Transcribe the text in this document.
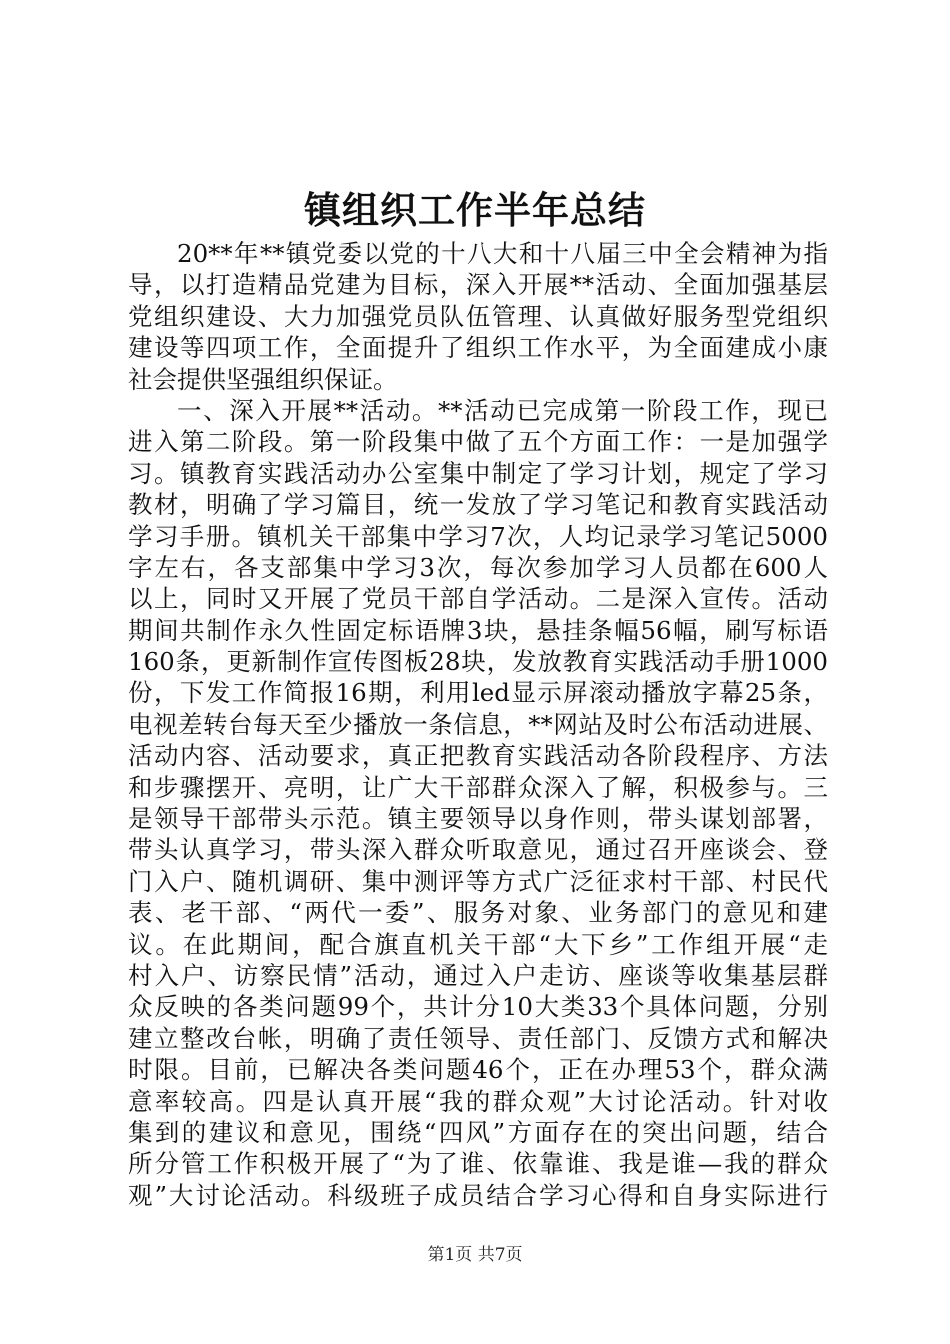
镇组织工作半年总结
20**年**镇党委以党的十八大和十八届三中全会精神为指
导，以打造精品党建为目标，深入开展**活动、全面加强基层
党组织建设、大力加强党员队伍管理、认真做好服务型党组织
建设等四项工作，全面提升了组织工作水平，为全面建成小康
社会提供坚强组织保证。
一、深入开展**活动。**活动已完成第一阶段工作，现已
进入第二阶段。第一阶段集中做了五个方面工作：一是加强学
习。镇教育实践活动办公室集中制定了学习计划，规定了学习
教材，明确了学习篇目，统一发放了学习笔记和教育实践活动
学习手册。镇机关干部集中学习7次，人均记录学习笔记5000
字左右，各支部集中学习3次，每次参加学习人员都在600人
以上，同时又开展了党员干部自学活动。二是深入宣传。活动
期间共制作永久性固定标语牌3块，悬挂条幅56幅，刷写标语
160条，更新制作宣传图板28块，发放教育实践活动手册1000
份，下发工作简报16期，利用led显示屏滚动播放字幕25条，
电视差转台每天至少播放一条信息，**网站及时公布活动进展、
活动内容、活动要求，真正把教育实践活动各阶段程序、方法
和步骤摆开、亮明，让广大干部群众深入了解，积极参与。三
是领导干部带头示范。镇主要领导以身作则，带头谋划部署，
带头认真学习，带头深入群众听取意见，通过召开座谈会、登
门入户、随机调研、集中测评等方式广泛征求村干部、村民代
表、老干部、“两代一委”、服务对象、业务部门的意见和建
议。在此期间，配合旗直机关干部“大下乡”工作组开展“走
村入户、访察民情”活动，通过入户走访、座谈等收集基层群
众反映的各类问题99个，共计分10大类33个具体问题，分别
建立整改台帐，明确了责任领导、责任部门、反馈方式和解决
时限。目前，已解决各类问题46个，正在办理53个，群众满
意率较高。四是认真开展“我的群众观”大讨论活动。针对收
集到的建议和意见，围绕“四风”方面存在的突出问题，结合
所分管工作积极开展了“为了谁、依靠谁、我是谁—我的群众
观”大讨论活动。科级班子成员结合学习心得和自身实际进行
第1页 共7页
